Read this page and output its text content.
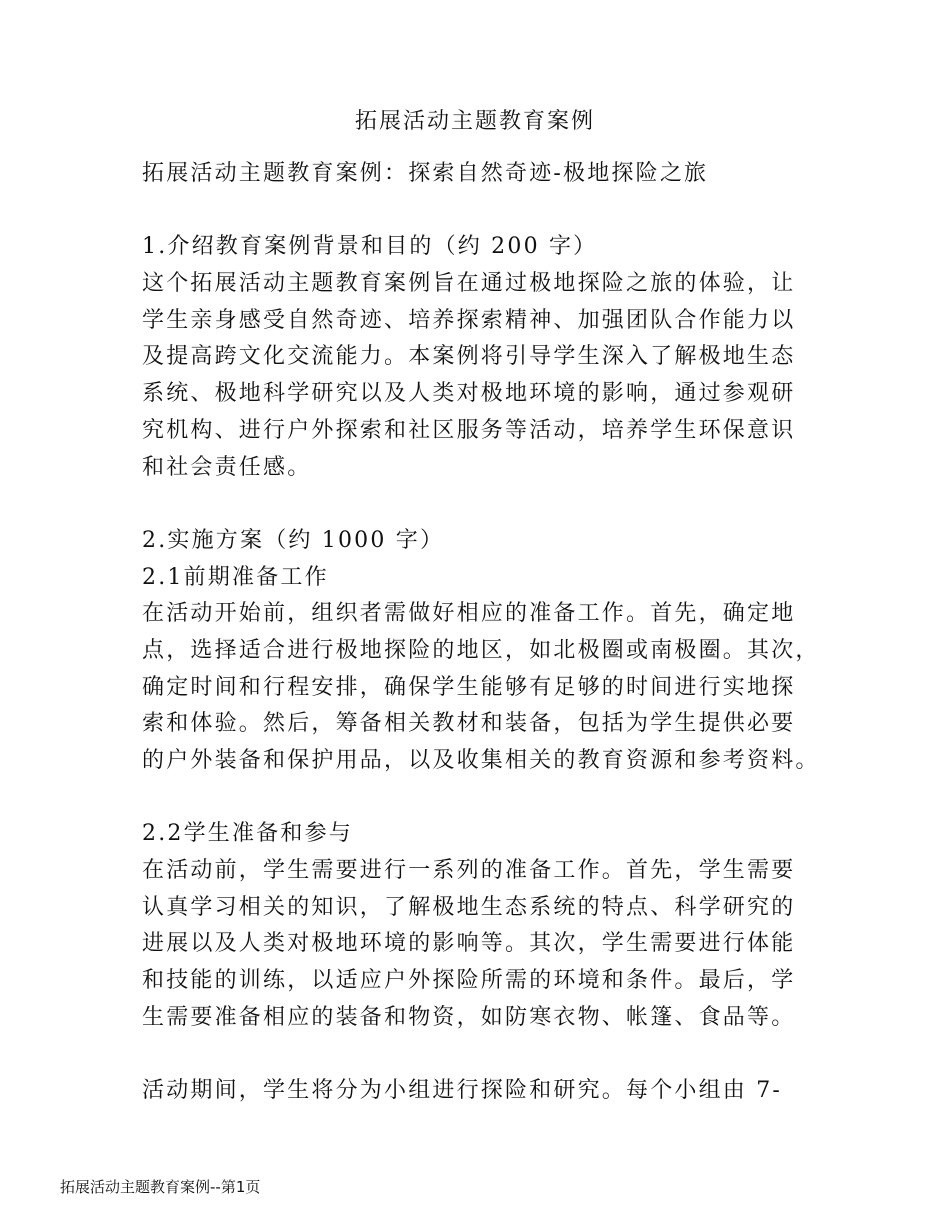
拓展活动主题教育案例

拓展活动主题教育案例：探索自然奇迹-极地探险之旅

1.介绍教育案例背景和目的（约 200 字）

这个拓展活动主题教育案例旨在通过极地探险之旅的体验，让

学生亲身感受自然奇迹、培养探索精神、加强团队合作能力以

及提高跨文化交流能力。本案例将引导学生深入了解极地生态

系统、极地科学研究以及人类对极地环境的影响，通过参观研

究机构、进行户外探索和社区服务等活动，培养学生环保意识

和社会责任感。

2.实施方案（约 1000 字）

2.1前期准备工作

在活动开始前，组织者需做好相应的准备工作。首先，确定地

点，选择适合进行极地探险的地区，如北极圈或南极圈。其次，

确定时间和行程安排，确保学生能够有足够的时间进行实地探

索和体验。然后，筹备相关教材和装备，包括为学生提供必要

的户外装备和保护用品，以及收集相关的教育资源和参考资料。

2.2学生准备和参与

在活动前，学生需要进行一系列的准备工作。首先，学生需要

认真学习相关的知识，了解极地生态系统的特点、科学研究的

进展以及人类对极地环境的影响等。其次，学生需要进行体能

和技能的训练，以适应户外探险所需的环境和条件。最后，学

生需要准备相应的装备和物资，如防寒衣物、帐篷、食品等。

活动期间，学生将分为小组进行探险和研究。每个小组由 7-

拓展活动主题教育案例--第1页
